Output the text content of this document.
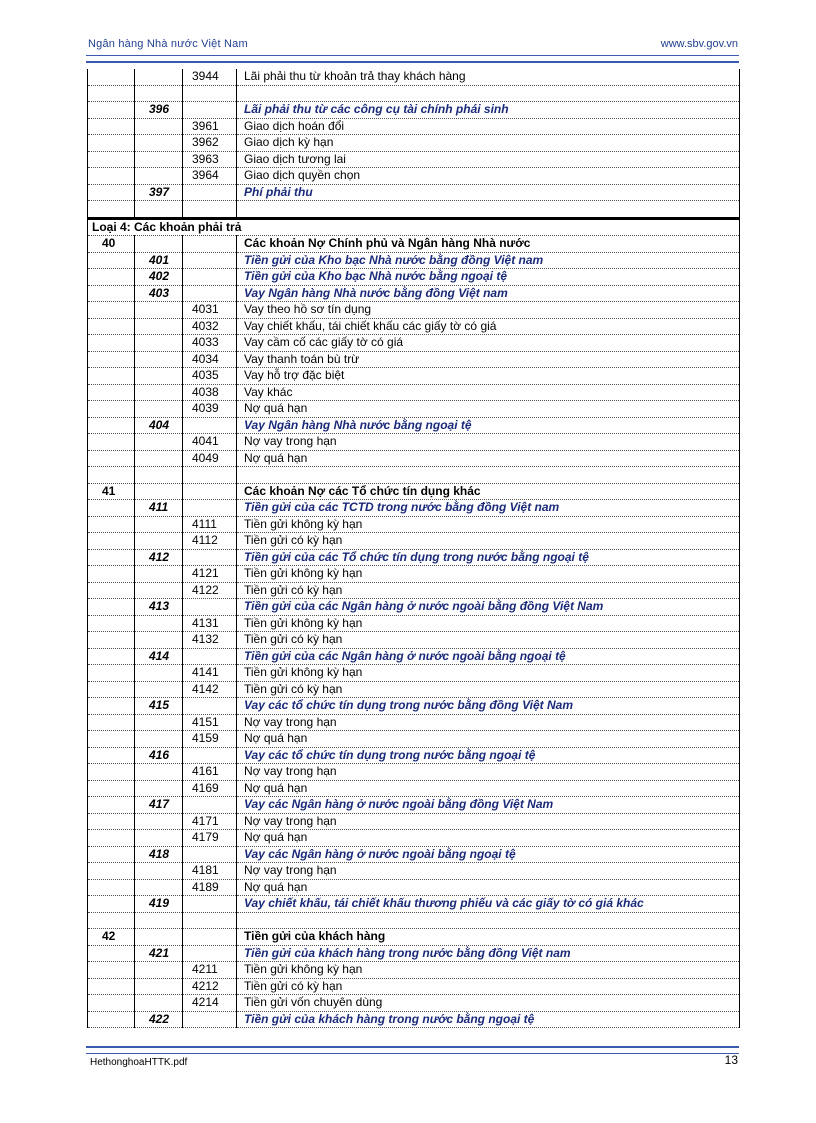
Ngân hàng Nhà nước Việt Nam	www.sbv.gov.vn
		3944	Lãi phải thu từ khoản trả thay khách hàng

	396		Lãi phải thu từ các công cụ tài chính phái sinh
		3961	Giao dịch hoán đổi
		3962	Giao dịch kỳ hạn
		3963	Giao dịch tương lai
		3964	Giao dịch quyền chọn
	397		Phí phải thu

Loại 4: Các khoản phải trả			
40			Các khoản Nợ Chính phủ và Ngân hàng Nhà nước
	401		Tiền gửi của Kho bạc Nhà nước bằng đồng Việt nam
	402		Tiền gửi của Kho bạc Nhà nước bằng ngoại tệ
	403		Vay Ngân hàng Nhà nước bằng đồng Việt nam
		4031	Vay theo hồ sơ tín dụng
		4032	Vay chiết khấu, tái chiết khấu các giấy tờ có giá
		4033	Vay cầm cố các giấy tờ có giá
		4034	Vay thanh toán bù trừ
		4035	Vay hỗ trợ đặc biệt
		4038	Vay khác
		4039	Nợ quá hạn
	404		Vay Ngân hàng Nhà nước bằng ngoại tệ
		4041	Nợ vay trong hạn
		4049	Nợ quá hạn

41			Các khoản Nợ các Tổ chức tín dụng khác
	411		Tiền gửi của các TCTD trong nước bằng đồng Việt nam
		4111	Tiền gửi không kỳ hạn
		4112	Tiền gửi có kỳ hạn
	412		Tiền gửi của các Tổ chức tín dụng trong nước bằng ngoại tệ
		4121	Tiền gửi không kỳ hạn
		4122	Tiền gửi có kỳ hạn
	413		Tiền gửi của các Ngân hàng ở nước ngoài bằng đồng Việt Nam
		4131	Tiền gửi không kỳ hạn
		4132	Tiền gửi có kỳ hạn
	414		Tiền gửi của các Ngân hàng ở nước ngoài bằng ngoại tệ
		4141	Tiền gửi không kỳ hạn
		4142	Tiền gửi có kỳ hạn
	415		Vay các tổ chức tín dụng trong nước bằng đồng Việt Nam
		4151	Nợ vay trong hạn
		4159	Nợ quá hạn
	416		Vay các tổ chức tín dụng trong nước bằng ngoại tệ
		4161	Nợ vay trong hạn
		4169	Nợ quá hạn
	417		Vay các Ngân hàng ở nước ngoài bằng đồng Việt Nam
		4171	Nợ vay trong hạn
		4179	Nợ quá hạn
	418		Vay các Ngân hàng ở nước ngoài bằng ngoại tệ
		4181	Nợ vay trong hạn
		4189	Nợ quá hạn
	419		Vay chiết khấu, tái chiết khấu thương phiếu và các giấy tờ có giá khác

42			Tiền gửi của khách hàng
	421		Tiền gửi của khách hàng trong nước bằng đồng Việt nam
		4211	Tiền gửi không kỳ hạn
		4212	Tiền gửi có kỳ hạn
		4214	Tiền gửi vốn chuyên dùng
	422		Tiền gửi của khách hàng trong nước bằng ngoại tệ
HethonghoaHTTK.pdf	13
